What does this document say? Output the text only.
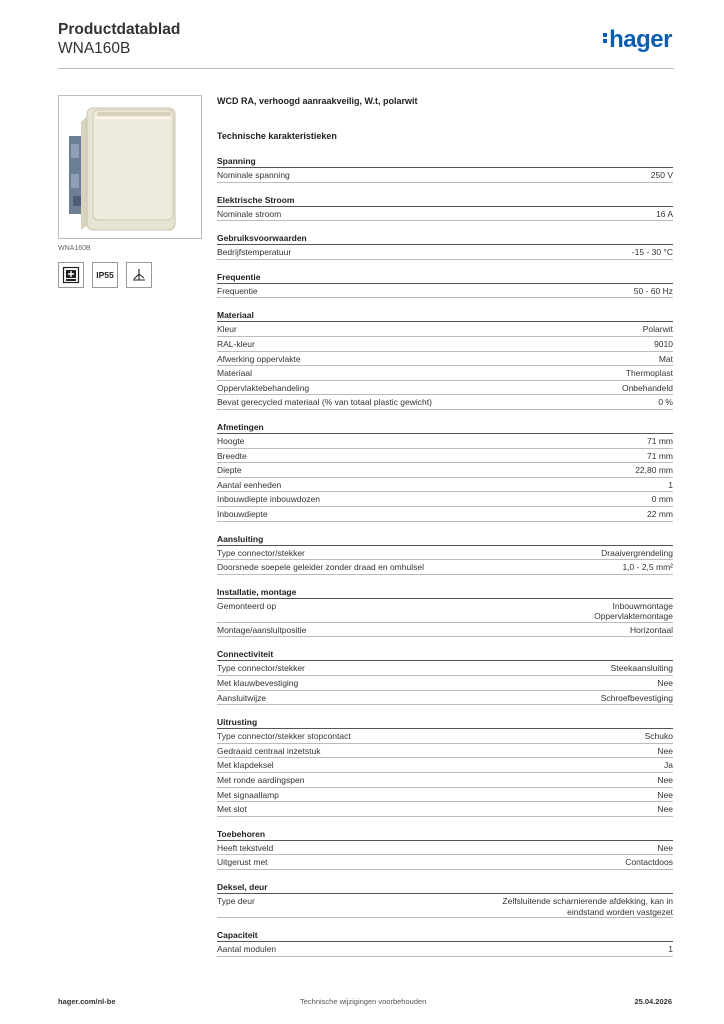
Productdatablad
WNA160B	hager
WNA160B
IP55
WCD RA, verhoogd aanraakveilig, W.t, polarwit
Technische karakteristieken
Spanning
Nominale spanning	250 V
Elektrische Stroom
Nominale stroom	16 A
Gebruiksvoorwaarden
Bedrijfstemperatuur	-15 - 30 °C
Frequentie
Frequentie	50 - 60 Hz
Materiaal
Kleur	Polarwit
RAL-kleur	9010
Afwerking oppervlakte	Mat
Materiaal	Thermoplast
Oppervlaktebehandeling	Onbehandeld
Bevat gerecycled materiaal (% van totaal plastic gewicht)	0 %
Afmetingen
Hoogte	71 mm
Breedte	71 mm
Diepte	22,80 mm
Aantal eenheden	1
Inbouwdiepte inbouwdozen	0 mm
Inbouwdiepte	22 mm
Aansluiting
Type connector/stekker	Draaivergrendeling
Doorsnede soepele geleider zonder draad en omhulsel	1,0 - 2,5 mm²
Installatie, montage
Gemonteerd op	Inbouwmontage
Oppervlaktemontage
Montage/aansluitpositie	Horizontaal
Connectiviteit
Type connector/stekker	Steekaansluiting
Met klauwbevestiging	Nee
Aansluitwijze	Schroefbevestiging
Uitrusting
Type connector/stekker stopcontact	Schuko
Gedraaid centraal inzetstuk	Nee
Met klapdeksel	Ja
Met ronde aardingspen	Nee
Met signaallamp	Nee
Met slot	Nee
Toebehoren
Heeft tekstveld	Nee
Uitgerust met	Contactdoos
Deksel, deur
Type deur	Zelfsluitende scharnierende afdekking, kan in
eindstand worden vastgezet
Capaciteit
Aantal modulen	1
hager.com/nl-be	Technische wijzigingen voorbehouden	25.04.2026
